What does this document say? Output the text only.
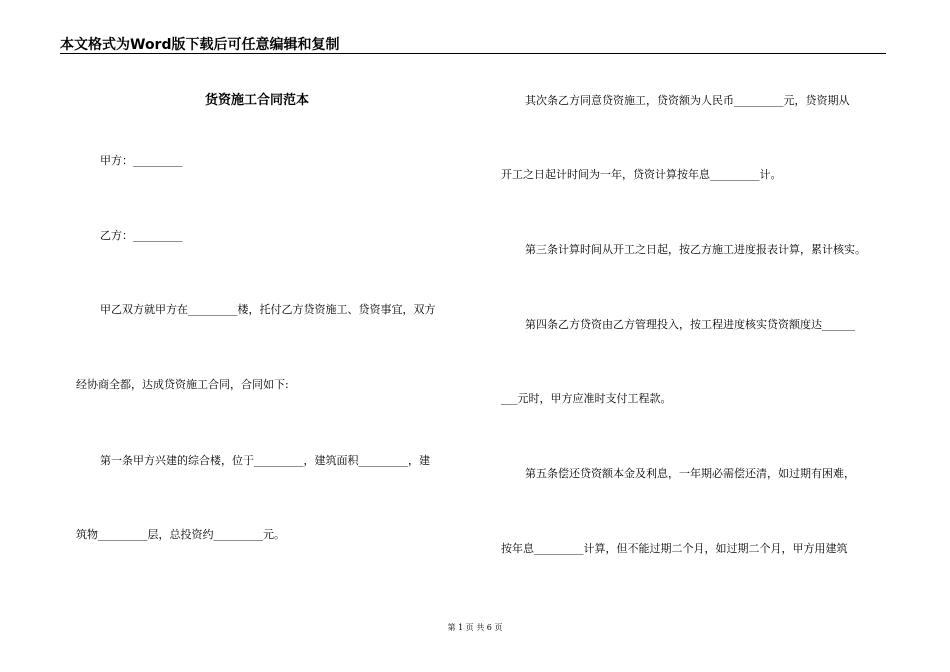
本文格式为Word版下载后可任意编辑和复制
货资施工合同范本
甲方：_________
乙方：_________
甲乙双方就甲方在_________楼，托付乙方贷资施工、贷资事宜，双方
经协商全都，达成贷资施工合同，合同如下:
第一条甲方兴建的综合楼，位于_________，建筑面积_________，建
筑物_________层，总投资约_________元。
其次条乙方同意贷资施工，贷资额为人民币_________元，贷资期从
开工之日起计时间为一年，贷资计算按年息_________计。
第三条计算时间从开工之日起，按乙方施工进度报表计算，累计核实。
第四条乙方贷资由乙方管理投入，按工程进度核实贷资额度达______
___元时，甲方应准时支付工程款。
第五条偿还贷资额本金及利息，一年期必需偿还清，如过期有困难，
按年息_________计算，但不能过期二个月，如过期二个月，甲方用建筑
第 1 页 共 6 页
